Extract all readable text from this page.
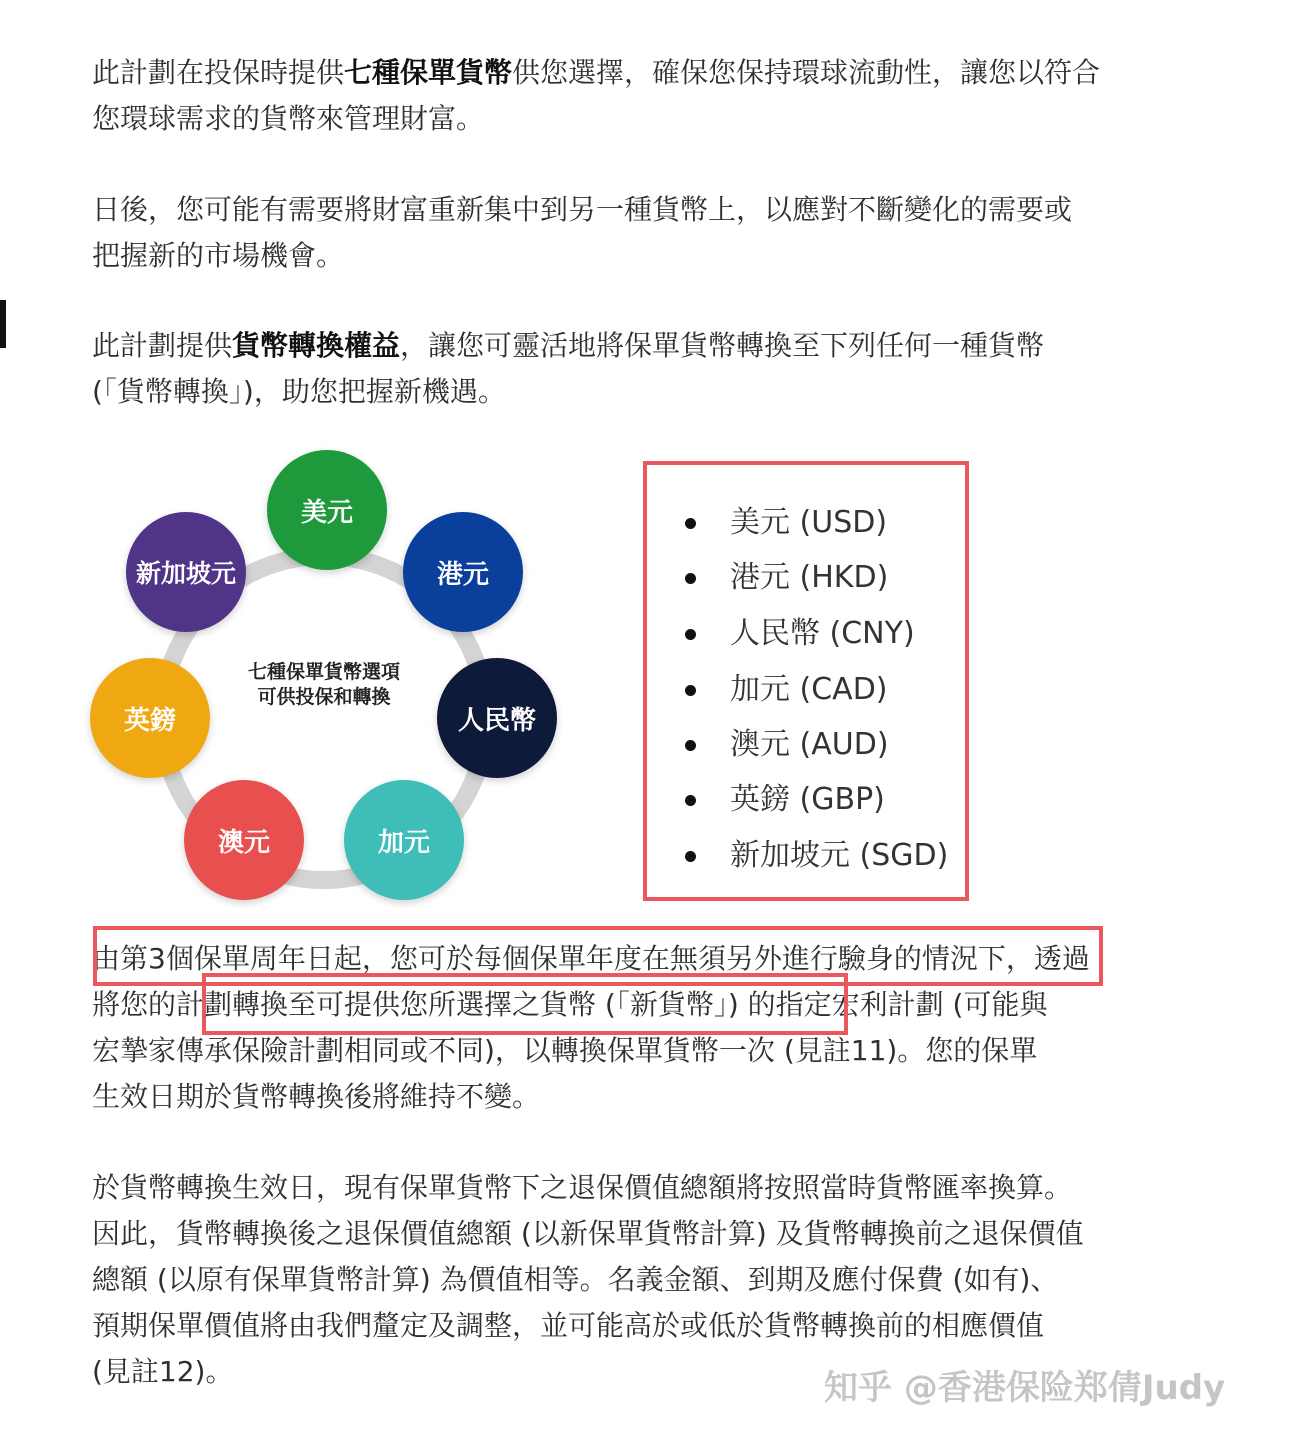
此計劃在投保時提供七種保單貨幣供您選擇，確保您保持環球流動性，讓您以符合
您環球需求的貨幣來管理財富。

日後，您可能有需要將財富重新集中到另一種貨幣上，以應對不斷變化的需要或
把握新的市場機會。

此計劃提供貨幣轉換權益，讓您可靈活地將保單貨幣轉換至下列任何一種貨幣
(「貨幣轉換」)，助您把握新機遇。

美元
港元
人民幣
加元
澳元
英鎊
新加坡元
七種保單貨幣選項
可供投保和轉換
美元 (USD)
港元 (HKD)
人民幣 (CNY)
加元 (CAD)
澳元 (AUD)
英鎊 (GBP)
新加坡元 (SGD)

由第3個保單周年日起，您可於每個保單年度在無須另外進行驗身的情況下，透過
將您的計劃轉換至可提供您所選擇之貨幣 (「新貨幣」) 的指定宏利計劃 (可能與
宏摯家傳承保險計劃相同或不同)，以轉換保單貨幣一次 (見註11)。您的保單
生效日期於貨幣轉換後將維持不變。

於貨幣轉換生效日，現有保單貨幣下之退保價值總額將按照當時貨幣匯率換算。
因此，貨幣轉換後之退保價值總額 (以新保單貨幣計算) 及貨幣轉換前之退保價值
總額 (以原有保單貨幣計算) 為價值相等。名義金額、到期及應付保費 (如有)、
預期保單價值將由我們釐定及調整，並可能高於或低於貨幣轉換前的相應價值
(見註12)。	知乎 @香港保险郑倩Judy
